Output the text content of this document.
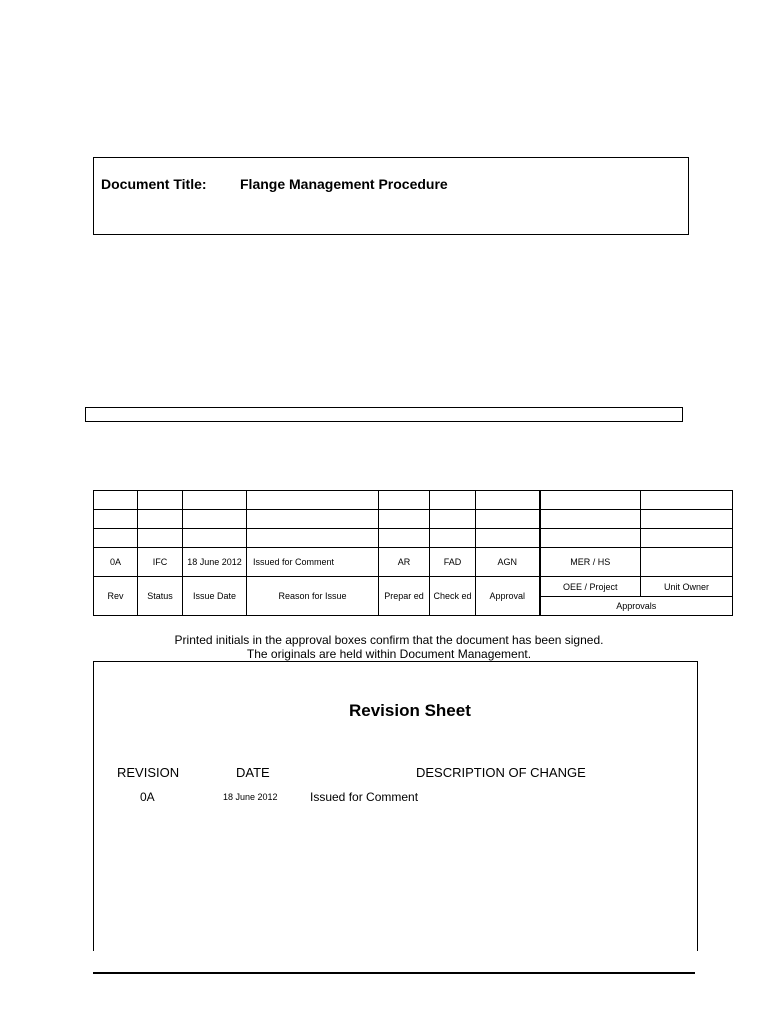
Document Title: Flange Management Procedure

0A	IFC	18 June 2012	Issued for Comment	AR	FAD	AGN	MER / HS	
Rev	Status	Issue Date	Reason for Issue	Prepar ed	Check ed	Approval	OEE / Project	Unit Owner
							Approvals	
Printed initials in the approval boxes confirm that the document has been signed.
The originals are held within Document Management.
Revision Sheet
REVISION	DATE	DESCRIPTION OF CHANGE
0A	18 June 2012	Issued for Comment
